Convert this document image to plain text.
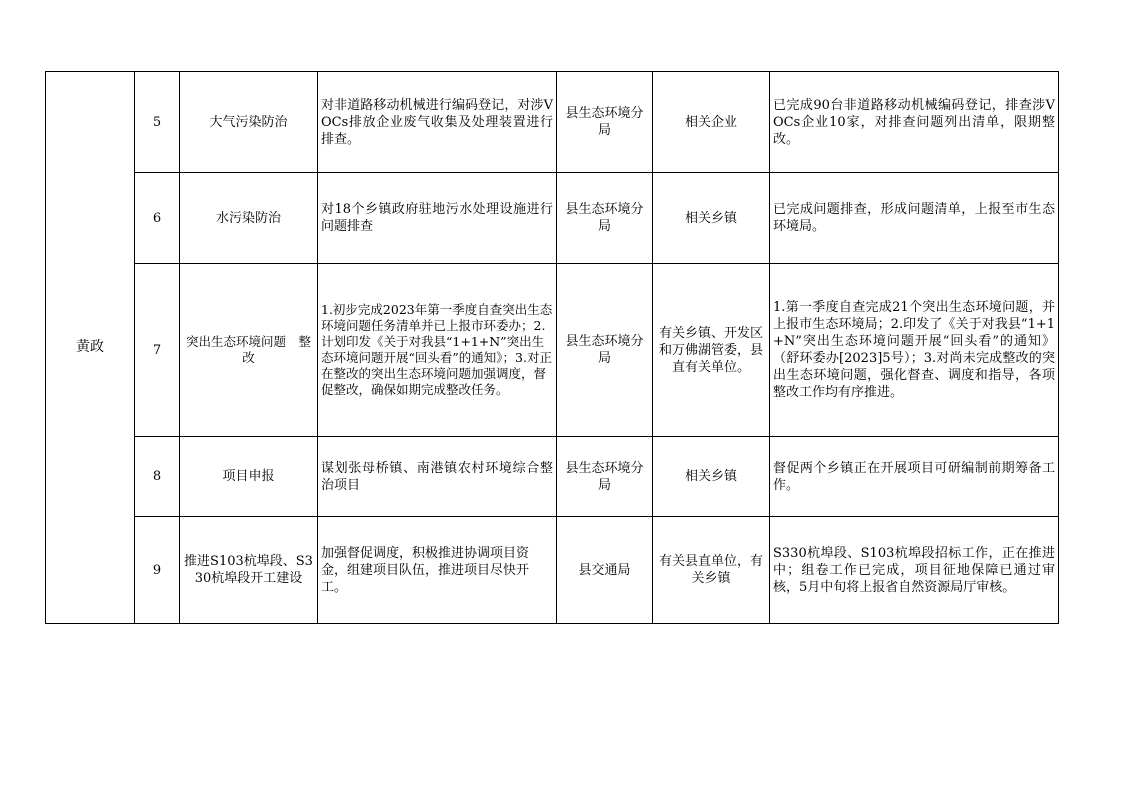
黄政	5	大气污染防治	对非道路移动机械进行编码登记，对涉VOCs排放企业废气收集及处理装置进行排查。	县生态环境分局	相关企业	已完成90台非道路移动机械编码登记，排查涉VOCs企业10家，对排查问题列出清单，限期整改。
	6	水污染防治	对18个乡镇政府驻地污水处理设施进行问题排查	县生态环境分局	相关乡镇	已完成问题排查，形成问题清单，上报至市生态环境局。
	7	突出生态环境问题　整改	1.初步完成2023年第一季度自查突出生态环境问题任务清单并已上报市环委办；2.计划印发《关于对我县“1+1+N”突出生态环境问题开展“回头看”的通知》；3.对正在整改的突出生态环境问题加强调度，督促整改，确保如期完成整改任务。	县生态环境分局	有关乡镇、开发区和万佛湖管委，县直有关单位。	1.第一季度自查完成21个突出生态环境问题，并上报市生态环境局；2.印发了《关于对我县“1+1+N”突出生态环境问题开展“回头看”的通知》（舒环委办[2023]5号）；3.对尚未完成整改的突出生态环境问题，强化督查、调度和指导，各项整改工作均有序推进。
	8	项目申报	谋划张母桥镇、南港镇农村环境综合整治项目	县生态环境分局	相关乡镇	督促两个乡镇正在开展项目可研编制前期筹备工作。
	9	推进S103杭埠段、S330杭埠段开工建设	加强督促调度，积极推进协调项目资金，组建项目队伍，推进项目尽快开工。	县交通局	有关县直单位，有关乡镇	S330杭埠段、S103杭埠段招标工作，正在推进中；组卷工作已完成，项目征地保障已通过审核，5月中旬将上报省自然资源局厅审核。
